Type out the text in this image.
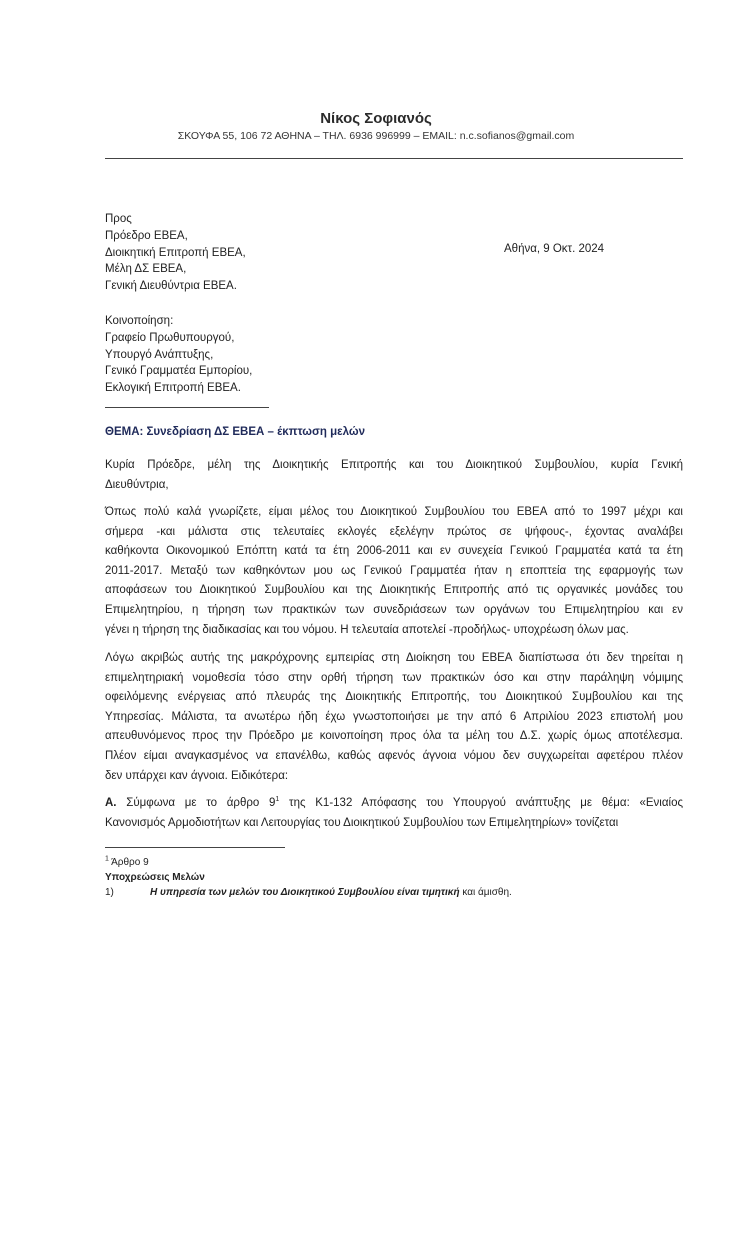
Νίκος Σοφιανός
ΣΚΟΥΦΑ 55, 106 72 ΑΘΗΝΑ – ΤΗΛ. 6936 996999 – EMAIL: n.c.sofianos@gmail.com
Προς
Πρόεδρο ΕΒΕΑ,
Διοικητική Επιτροπή ΕΒΕΑ,
Μέλη ΔΣ ΕΒΕΑ,
Γενική Διευθύντρια ΕΒΕΑ.
Αθήνα, 9 Οκτ. 2024
Κοινοποίηση:
Γραφείο Πρωθυπουργού,
Υπουργό Ανάπτυξης,
Γενικό Γραμματέα Εμπορίου,
Εκλογική Επιτροπή ΕΒΕΑ.
ΘΕΜΑ: Συνεδρίαση ΔΣ ΕΒΕΑ – έκπτωση μελών
Κυρία Πρόεδρε, μέλη της Διοικητικής Επιτροπής και του Διοικητικού Συμβουλίου, κυρία Γενική
Διευθύντρια,
Όπως πολύ καλά γνωρίζετε, είμαι μέλος του Διοικητικού Συμβουλίου του ΕΒΕΑ από το 1997 μέχρι και
σήμερα -και μάλιστα στις τελευταίες εκλογές εξελέγην πρώτος σε ψήφους-, έχοντας αναλάβει
καθήκοντα Οικονομικού Επόπτη κατά τα έτη 2006-2011 και εν συνεχεία Γενικού Γραμματέα κατά τα έτη
2011-2017. Μεταξύ των καθηκόντων μου ως Γενικού Γραμματέα ήταν η εποπτεία της εφαρμογής των
αποφάσεων του Διοικητικού Συμβουλίου και της Διοικητικής Επιτροπής από τις οργανικές μονάδες του
Επιμελητηρίου, η τήρηση των πρακτικών των συνεδριάσεων των οργάνων του Επιμελητηρίου και εν
γένει η τήρηση της διαδικασίας και του νόμου. Η τελευταία αποτελεί -προδήλως- υποχρέωση όλων μας.
Λόγω ακριβώς αυτής της μακρόχρονης εμπειρίας στη Διοίκηση του ΕΒΕΑ διαπίστωσα ότι δεν τηρείται η
επιμελητηριακή νομοθεσία τόσο στην ορθή τήρηση των πρακτικών όσο και στην παράληψη νόμιμης
οφειλόμενης ενέργειας από πλευράς της Διοικητικής Επιτροπής, του Διοικητικού Συμβουλίου και της
Υπηρεσίας. Μάλιστα, τα ανωτέρω ήδη έχω γνωστοποιήσει με την από 6 Απριλίου 2023 επιστολή μου
απευθυνόμενος προς την Πρόεδρο με κοινοποίηση προς όλα τα μέλη του Δ.Σ. χωρίς όμως αποτέλεσμα.
Πλέον είμαι αναγκασμένος να επανέλθω, καθώς αφενός άγνοια νόμου δεν συγχωρείται αφετέρου πλέον
δεν υπάρχει καν άγνοια. Ειδικότερα:
Α. Σύμφωνα με το άρθρο $9^1$ της Κ1-132 Απόφασης του Υπουργού ανάπτυξης με θέμα: «Ενιαίος
Κανονισμός Αρμοδιοτήτων και Λειτουργίας του Διοικητικού Συμβουλίου των Επιμελητηρίων» τονίζεται
$^1$ Άρθρο 9
Υποχρεώσεις Μελών
1)	Η υπηρεσία των μελών του Διοικητικού Συμβουλίου είναι τιμητική και άμισθη.
